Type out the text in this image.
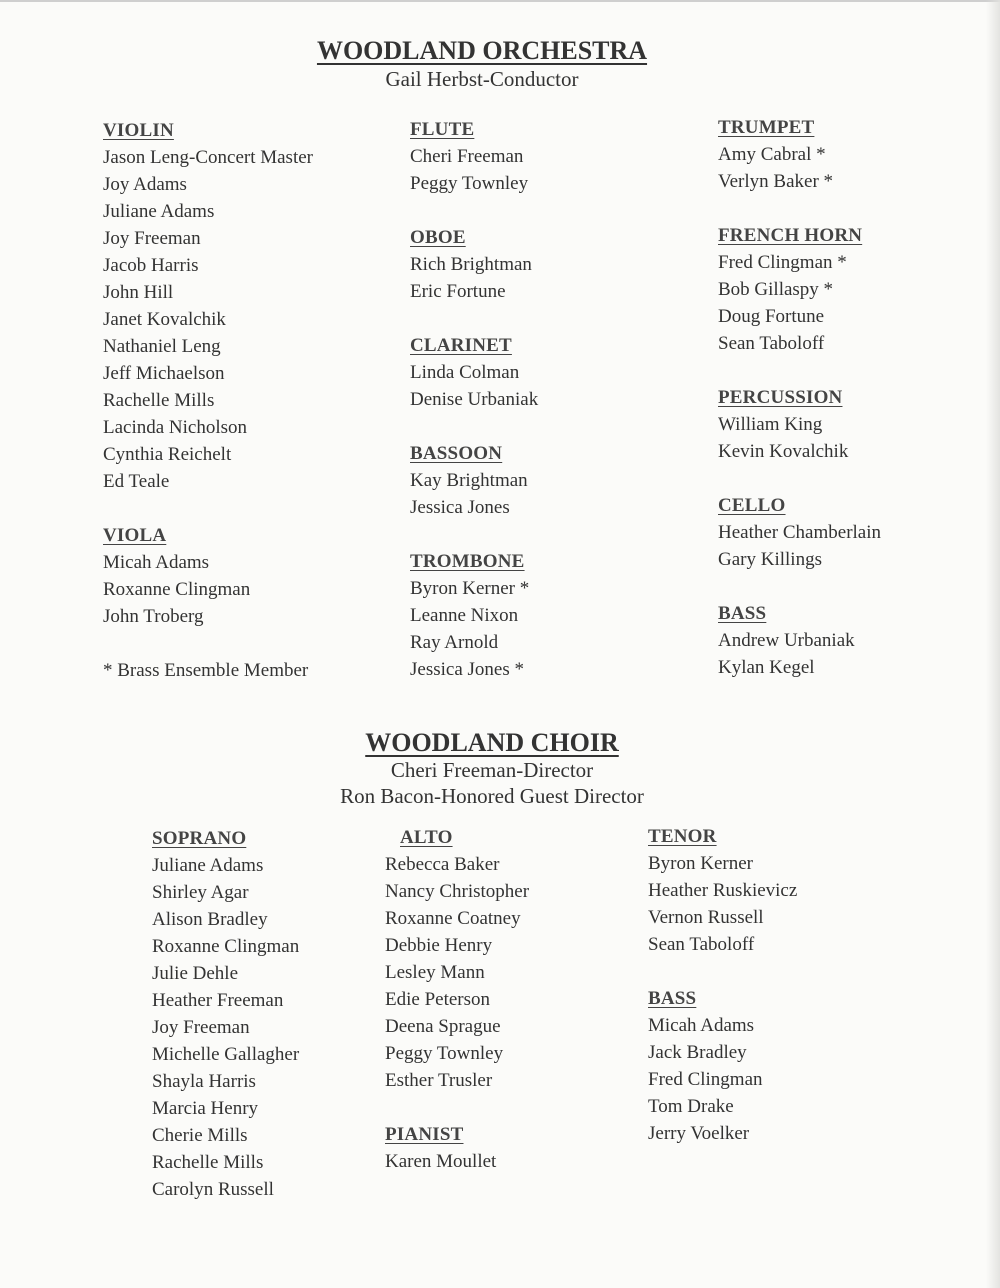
WOODLAND ORCHESTRA

Gail Herbst-Conductor

VIOLIN
Jason Leng-Concert Master
Joy Adams
Juliane Adams
Joy Freeman
Jacob Harris
John Hill
Janet Kovalchik
Nathaniel Leng
Jeff Michaelson
Rachelle Mills
Lacinda Nicholson
Cynthia Reichelt
Ed Teale
VIOLA
Micah Adams
Roxanne Clingman
John Troberg
* Brass Ensemble Member
FLUTE
Cheri Freeman
Peggy Townley
OBOE
Rich Brightman
Eric Fortune
CLARINET
Linda Colman
Denise Urbaniak
BASSOON
Kay Brightman
Jessica Jones
TROMBONE
Byron Kerner *
Leanne Nixon
Ray Arnold
Jessica Jones *
TRUMPET
Amy Cabral *
Verlyn Baker *
FRENCH HORN
Fred Clingman *
Bob Gillaspy *
Doug Fortune
Sean Taboloff
PERCUSSION
William King
Kevin Kovalchik
CELLO
Heather Chamberlain
Gary Killings
BASS
Andrew Urbaniak
Kylan Kegel
WOODLAND CHOIR

Cheri Freeman-Director

Ron Bacon-Honored Guest Director

SOPRANO
Juliane Adams
Shirley Agar
Alison Bradley
Roxanne Clingman
Julie Dehle
Heather Freeman
Joy Freeman
Michelle Gallagher
Shayla Harris
Marcia Henry
Cherie Mills
Rachelle Mills
Carolyn Russell
ALTO
Rebecca Baker
Nancy Christopher
Roxanne Coatney
Debbie Henry
Lesley Mann
Edie Peterson
Deena Sprague
Peggy Townley
Esther Trusler
PIANIST
Karen Moullet
TENOR
Byron Kerner
Heather Ruskievicz
Vernon Russell
Sean Taboloff
BASS
Micah Adams
Jack Bradley
Fred Clingman
Tom Drake
Jerry Voelker
